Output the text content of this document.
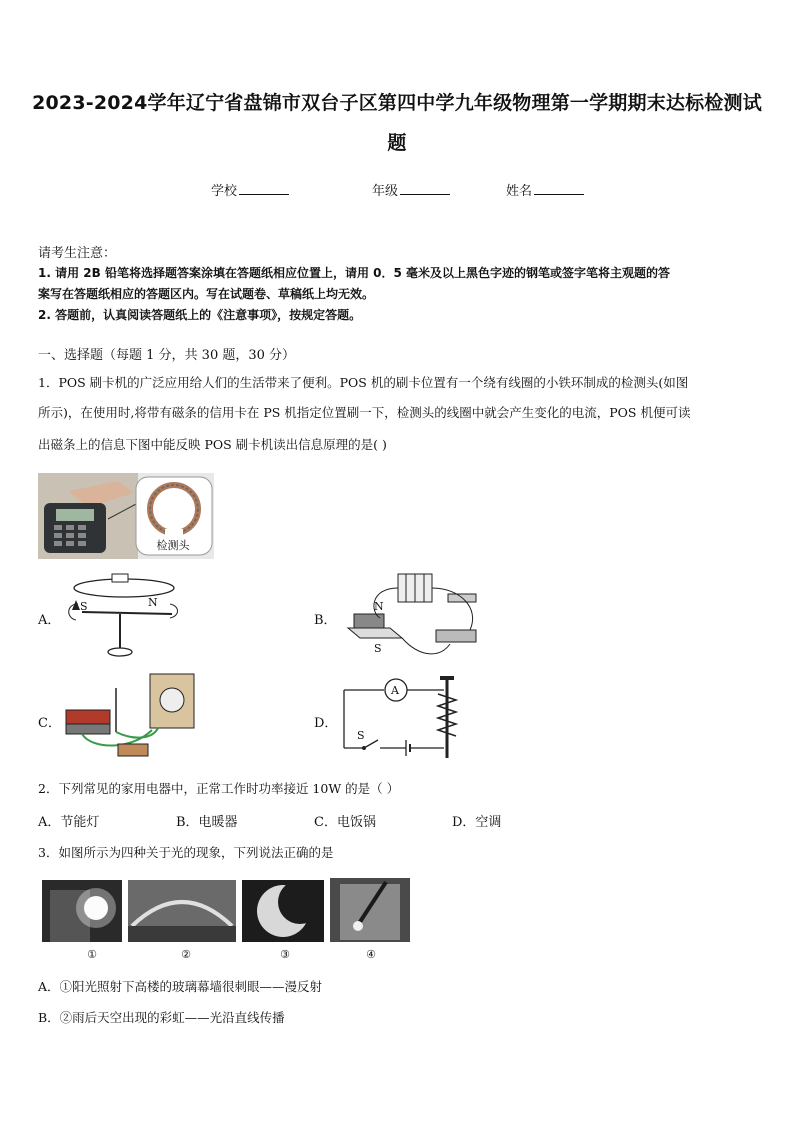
2023-2024学年辽宁省盘锦市双台子区第四中学九年级物理第一学期期末达标检测试
题
学校	年级	姓名
请考生注意：
1. 请用 2B 铅笔将选择题答案涂填在答题纸相应位置上，请用 0．5 毫米及以上黑色字迹的钢笔或签字笔将主观题的答
案写在答题纸相应的答题区内。写在试题卷、草稿纸上均无效。
2. 答题前，认真阅读答题纸上的《注意事项》，按规定答题。
一、选择题（每题 1 分，共 30 题，30 分）
1．POS 刷卡机的广泛应用给人们的生活带来了便利。POS 机的刷卡位置有一个绕有线圈的小铁环制成的检测头(如图
所示)，在使用时,将带有磁条的信用卡在 PS 机指定位置刷一下，检测头的线圈中就会产生变化的电流，POS 机便可读
出磁条上的信息下图中能反映 POS 刷卡机读出信息原理的是( )
检测头
A．
S	N
B．
N
S
C．	D．
A
S
2．下列常见的家用电器中，正常工作时功率接近 10W 的是（ ）
A．节能灯	B．电暖器	C．电饭锅	D．空调
3．如图所示为四种关于光的现象，下列说法正确的是
①	②	③	④
A．①阳光照射下高楼的玻璃幕墙很刺眼——漫反射
B．②雨后天空出现的彩虹——光沿直线传播
